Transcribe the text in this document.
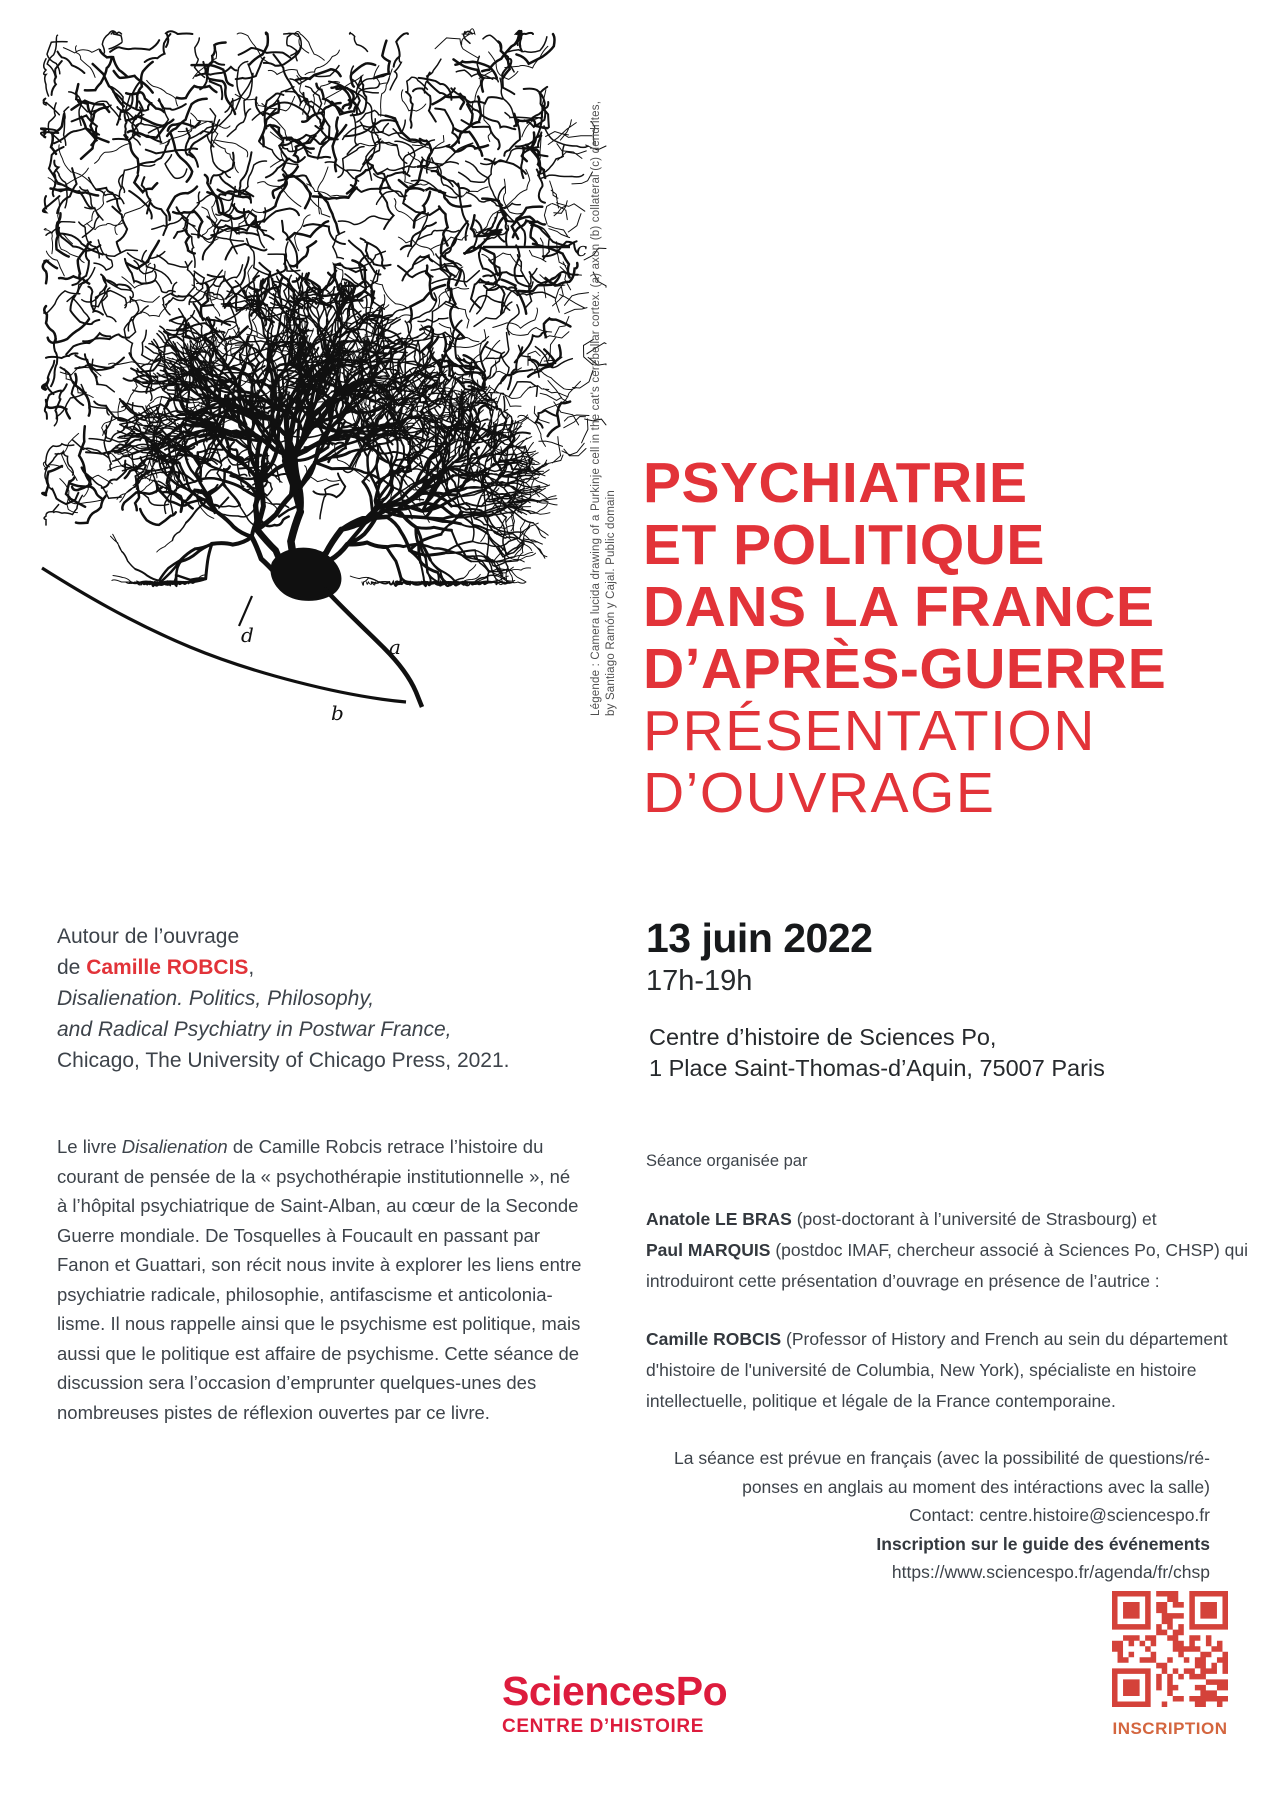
a
b
c
d	Légende : Camera lucida drawing of a Purkinje cell in the cat's cerebellar cortex. (a) axon (b) collateral (c) dendrites, by Santiago Ramón y Cajal. Public domain
PSYCHIATRIE
ET POLITIQUE
DANS LA FRANCE
D’APRÈS-GUERRE
PRÉSENTATION
D’OUVRAGE
Autour de l’ouvrage
de Camille ROBCIS,
Disalienation. Politics, Philosophy,
and Radical Psychiatry in Postwar France,
Chicago, The University of Chicago Press, 2021.
13 juin 2022
17h-19h
Centre d’histoire de Sciences Po,
1 Place Saint-Thomas-d’Aquin, 75007 Paris
Le livre Disalienation de Camille Robcis retrace l’histoire du
courant de pensée de la « psychothérapie institutionnelle », né
à l’hôpital psychiatrique de Saint-Alban, au cœur de la Seconde
Guerre mondiale. De Tosquelles à Foucault en passant par
Fanon et Guattari, son récit nous invite à explorer les liens entre
psychiatrie radicale, philosophie, antifascisme et anticolonia-
lisme. Il nous rappelle ainsi que le psychisme est politique, mais
aussi que le politique est affaire de psychisme. Cette séance de
discussion sera l’occasion d’emprunter quelques-unes des
nombreuses pistes de réflexion ouvertes par ce livre.
Séance organisée par
Anatole LE BRAS (post-doctorant à l’université de Strasbourg) et
Paul MARQUIS (postdoc IMAF, chercheur associé à Sciences Po, CHSP) qui
introduiront cette présentation d’ouvrage en présence de l’autrice :
Camille ROBCIS (Professor of History and French au sein du département
d'histoire de l'université de Columbia, New York), spécialiste en histoire
intellectuelle, politique et légale de la France contemporaine.
La séance est prévue en français (avec la possibilité de questions/ré-
ponses en anglais au moment des intéractions avec la salle)
Contact: centre.histoire@sciencespo.fr
Inscription sur le guide des événements
https://www.sciencespo.fr/agenda/fr/chsp
SciencesPo
CENTRE D’HISTOIRE	INSCRIPTION
